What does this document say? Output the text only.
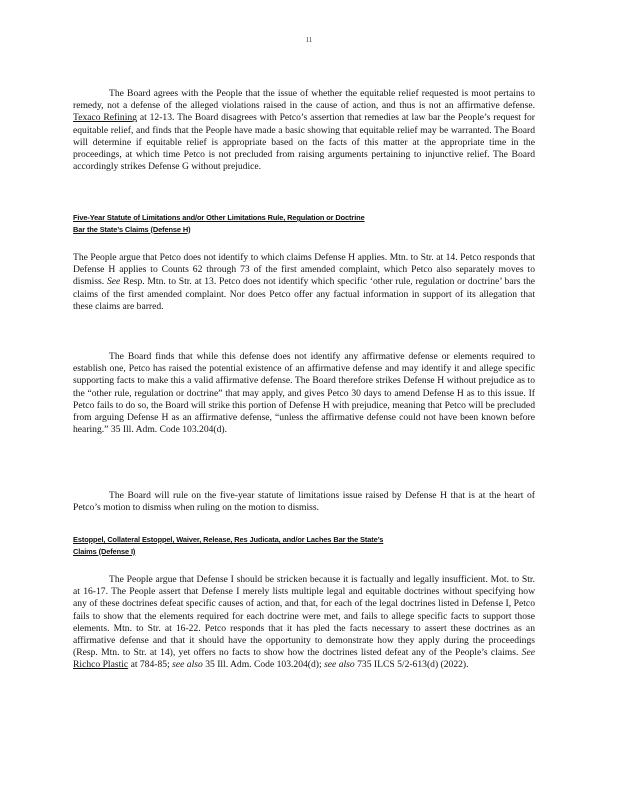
11

The Board agrees with the People that the issue of whether the equitable relief requested is moot pertains to remedy, not a defense of the alleged violations raised in the cause of action, and thus is not an affirmative defense. Texaco Refining at 12-13. The Board disagrees with Petco’s assertion that remedies at law bar the People’s request for equitable relief, and finds that the People have made a basic showing that equitable relief may be warranted. The Board will determine if equitable relief is appropriate based on the facts of this matter at the appropriate time in the proceedings, at which time Petco is not precluded from raising arguments pertaining to injunctive relief. The Board accordingly strikes Defense G without prejudice.

Five-Year Statute of Limitations and/or Other Limitations Rule, Regulation or Doctrine
Bar the State’s Claims (Defense H)

The People argue that Petco does not identify to which claims Defense H applies. Mtn. to Str. at 14. Petco responds that Defense H applies to Counts 62 through 73 of the first amended complaint, which Petco also separately moves to dismiss. See Resp. Mtn. to Str. at 13. Petco does not identify which specific ‘other rule, regulation or doctrine’ bars the claims of the first amended complaint. Nor does Petco offer any factual information in support of its allegation that these claims are barred.

The Board finds that while this defense does not identify any affirmative defense or elements required to establish one, Petco has raised the potential existence of an affirmative defense and may identify it and allege specific supporting facts to make this a valid affirmative defense. The Board therefore strikes Defense H without prejudice as to the “other rule, regulation or doctrine” that may apply, and gives Petco 30 days to amend Defense H as to this issue. If Petco fails to do so, the Board will strike this portion of Defense H with prejudice, meaning that Petco will be precluded from arguing Defense H as an affirmative defense, “unless the affirmative defense could not have been known before hearing.” 35 Ill. Adm. Code 103.204(d).

The Board will rule on the five-year statute of limitations issue raised by Defense H that is at the heart of Petco’s motion to dismiss when ruling on the motion to dismiss.

Estoppel, Collateral Estoppel, Waiver, Release, Res Judicata, and/or Laches Bar the State’s
Claims (Defense I)

The People argue that Defense I should be stricken because it is factually and legally insufficient. Mot. to Str. at 16-17. The People assert that Defense I merely lists multiple legal and equitable doctrines without specifying how any of these doctrines defeat specific causes of action, and that, for each of the legal doctrines listed in Defense I, Petco fails to show that the elements required for each doctrine were met, and fails to allege specific facts to support those elements. Mtn. to Str. at 16-22. Petco responds that it has pled the facts necessary to assert these doctrines as an affirmative defense and that it should have the opportunity to demonstrate how they apply during the proceedings (Resp. Mtn. to Str. at 14), yet offers no facts to show how the doctrines listed defeat any of the People’s claims. See Richco Plastic at 784-85; see also 35 Ill. Adm. Code 103.204(d); see also 735 ILCS 5/2-613(d) (2022).
